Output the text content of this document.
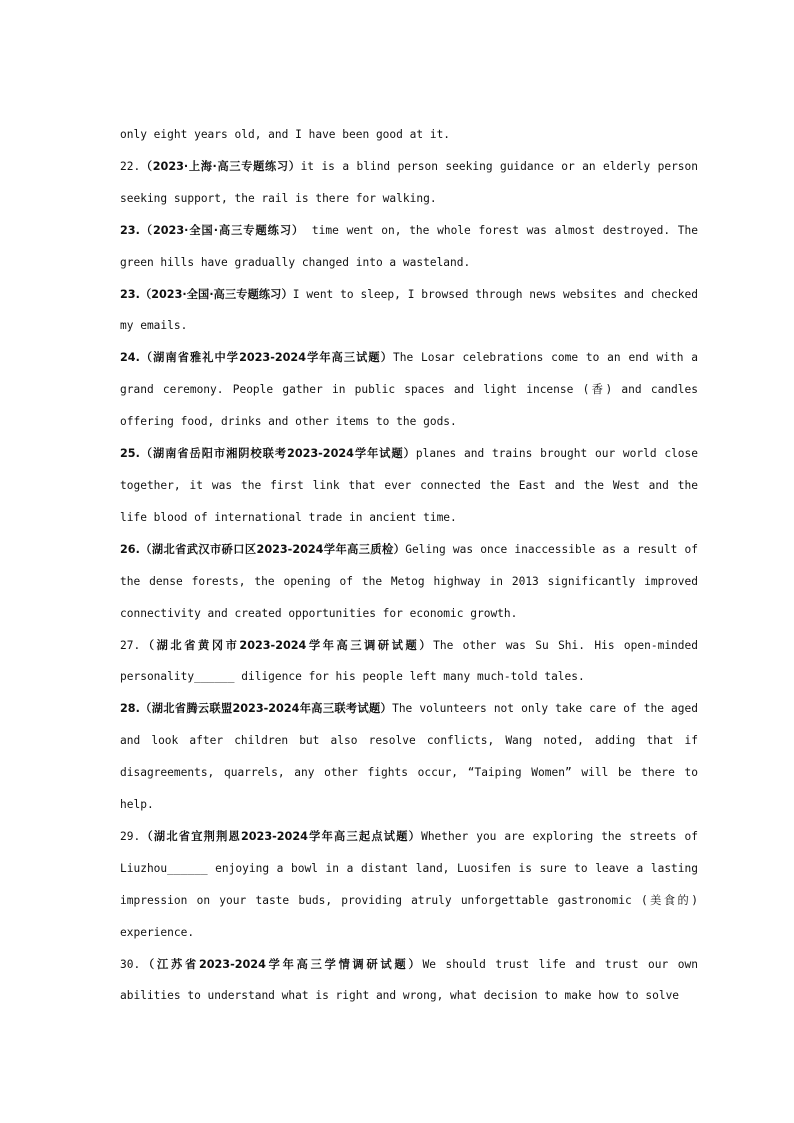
only eight years old, and I have been good at it.

22.（2023·上海·高三专题练习）it is a blind person seeking guidance or an elderly person seeking support, the rail is there for walking.

23.（2023·全国·高三专题练习） time went on, the whole forest was almost destroyed. The green hills have gradually changed into a wasteland.

23.（2023·全国·高三专题练习）I went to sleep, I browsed through news websites and checked my emails.

24.（湖南省雅礼中学2023-2024学年高三试题）The Losar celebrations come to an end with a grand ceremony. People gather in public spaces and light incense (香) and candles offering food, drinks and other items to the gods.

25.（湖南省岳阳市湘阴校联考2023-2024学年试题）planes and trains brought our world close together, it was the first link that ever connected the East and the West and the life blood of international trade in ancient time.

26.（湖北省武汉市硚口区2023-2024学年高三质检）Geling was once inaccessible as a result of the dense forests, the opening of the Metog highway in 2013 significantly improved connectivity and created opportunities for economic growth.

27.（湖北省黄冈市2023-2024学年高三调研试题）The other was Su Shi. His open-minded personality______ diligence for his people left many much-told tales.

28.（湖北省腾云联盟2023-2024年高三联考试题）The volunteers not only take care of the aged and look after children but also resolve conflicts, Wang noted, adding that if disagreements, quarrels, any other fights occur, “Taiping Women” will be there to help.

29.（湖北省宜荆荆恩2023-2024学年高三起点试题）Whether you are exploring the streets of Liuzhou______ enjoying a bowl in a distant land, Luosifen is sure to leave a lasting impression on your taste buds, providing atruly unforgettable gastronomic (美食的) experience.

30.（江苏省2023-2024学年高三学情调研试题）We should trust life and trust our own abilities to understand what is right and wrong, what decision to make how to solve
